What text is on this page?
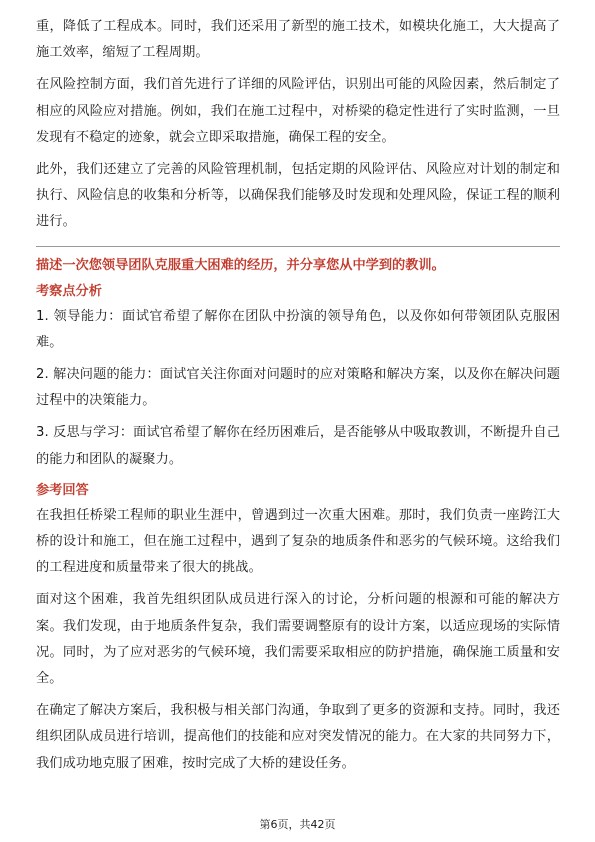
重，降低了工程成本。同时，我们还采用了新型的施工技术，如模块化施工，大大提高了施工效率，缩短了工程周期。

在风险控制方面，我们首先进行了详细的风险评估，识别出可能的风险因素，然后制定了相应的风险应对措施。例如，我们在施工过程中，对桥梁的稳定性进行了实时监测，一旦发现有不稳定的迹象，就会立即采取措施，确保工程的安全。

此外，我们还建立了完善的风险管理机制，包括定期的风险评估、风险应对计划的制定和执行、风险信息的收集和分析等，以确保我们能够及时发现和处理风险，保证工程的顺利进行。

描述一次您领导团队克服重大困难的经历，并分享您从中学到的教训。

考察点分析

1. 领导能力：面试官希望了解你在团队中扮演的领导角色，以及你如何带领团队克服困难。

2. 解决问题的能力：面试官关注你面对问题时的应对策略和解决方案，以及你在解决问题过程中的决策能力。

3. 反思与学习：面试官希望了解你在经历困难后，是否能够从中吸取教训，不断提升自己的能力和团队的凝聚力。

参考回答

在我担任桥梁工程师的职业生涯中，曾遇到过一次重大困难。那时，我们负责一座跨江大桥的设计和施工，但在施工过程中，遇到了复杂的地质条件和恶劣的气候环境。这给我们的工程进度和质量带来了很大的挑战。

面对这个困难，我首先组织团队成员进行深入的讨论，分析问题的根源和可能的解决方案。我们发现，由于地质条件复杂，我们需要调整原有的设计方案，以适应现场的实际情况。同时，为了应对恶劣的气候环境，我们需要采取相应的防护措施，确保施工质量和安全。

在确定了解决方案后，我积极与相关部门沟通，争取到了更多的资源和支持。同时，我还组织团队成员进行培训，提高他们的技能和应对突发情况的能力。在大家的共同努力下，我们成功地克服了困难，按时完成了大桥的建设任务。

第6页，共42页
